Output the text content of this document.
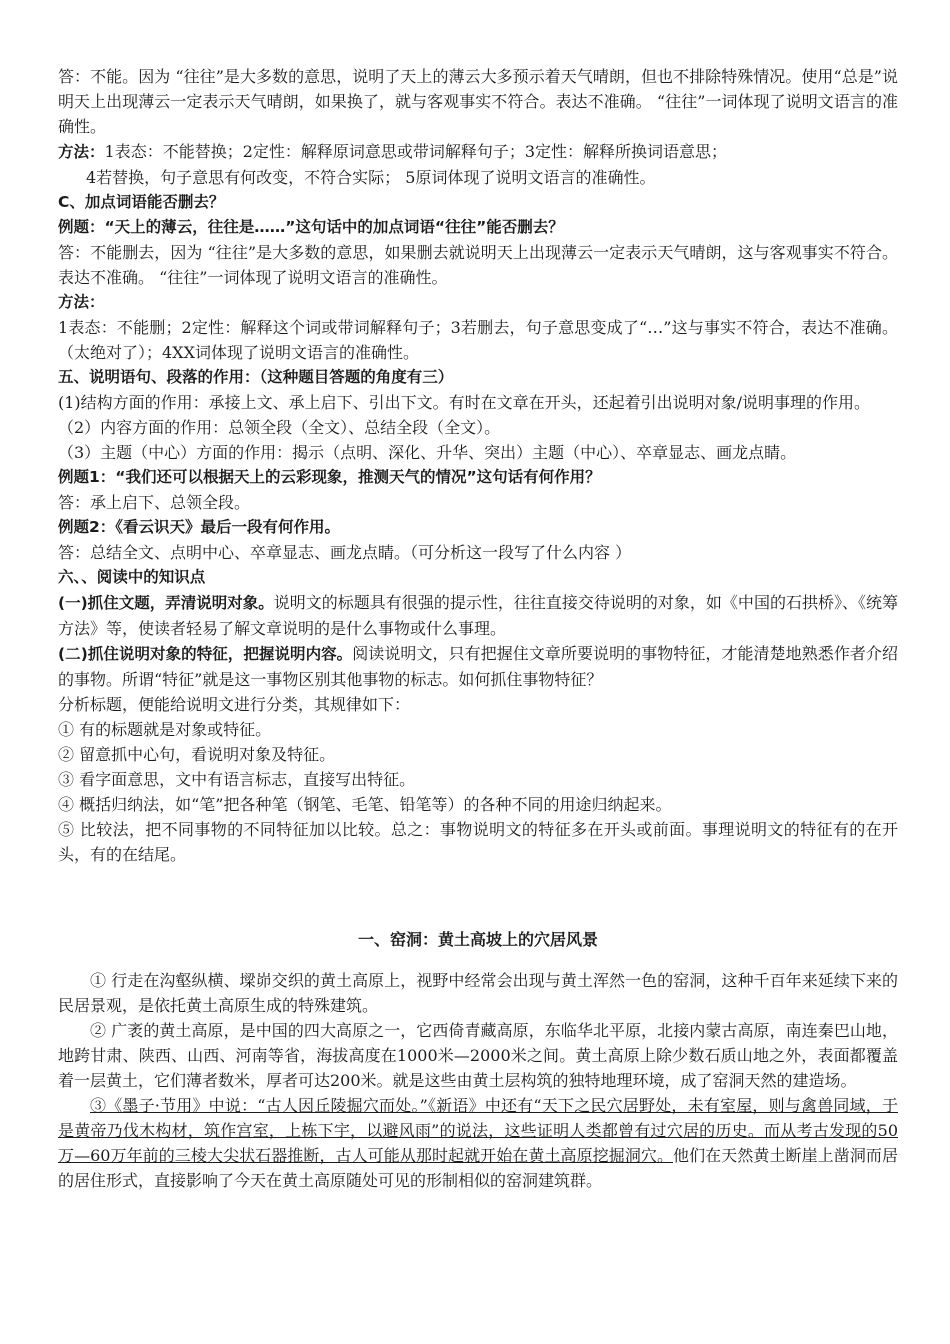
答：不能。因为 “往往”是大多数的意思，说明了天上的薄云大多预示着天气晴朗，但也不排除特殊情况。使用“总是”说明天上出现薄云一定表示天气晴朗，如果换了，就与客观事实不符合。表达不准确。 “往往”一词体现了说明文语言的准确性。

方法：1表态：不能替换；2定性：解释原词意思或带词解释句子；3定性：解释所换词语意思；

4若替换，句子意思有何改变，不符合实际； 5原词体现了说明文语言的准确性。

C、加点词语能否删去？

例题：“天上的薄云，往往是……”这句话中的加点词语“往往”能否删去？

答：不能删去，因为 “往往”是大多数的意思，如果删去就说明天上出现薄云一定表示天气晴朗，这与客观事实不符合。表达不准确。 “往往”一词体现了说明文语言的准确性。

方法：

1表态：不能删；2定性：解释这个词或带词解释句子；3若删去，句子意思变成了“…”这与事实不符合，表达不准确。（太绝对了）；4XX词体现了说明文语言的准确性。

五、说明语句、段落的作用：（这种题目答题的角度有三）

(1)结构方面的作用：承接上文、承上启下、引出下文。有时在文章在开头，还起着引出说明对象/说明事理的作用。

（2）内容方面的作用：总领全段（全文）、总结全段（全文）。

（3）主题（中心）方面的作用：揭示（点明、深化、升华、突出）主题（中心）、卒章显志、画龙点睛。

例题1：“我们还可以根据天上的云彩现象，推测天气的情况”这句话有何作用？

答：承上启下、总领全段。

例题2：《看云识天》最后一段有何作用。

答：总结全文、点明中心、卒章显志、画龙点睛。（可分析这一段写了什么内容 ）

六、、阅读中的知识点

(一)抓住文题，弄清说明对象。说明文的标题具有很强的提示性，往往直接交待说明的对象，如《中国的石拱桥》、《统筹方法》等，使读者轻易了解文章说明的是什么事物或什么事理。

(二)抓住说明对象的特征，把握说明内容。阅读说明文，只有把握住文章所要说明的事物特征，才能清楚地熟悉作者介绍的事物。所谓“特征”就是这一事物区别其他事物的标志。如何抓住事物特征？

分析标题，便能给说明文进行分类，其规律如下：

① 有的标题就是对象或特征。

② 留意抓中心句，看说明对象及特征。

③ 看字面意思，文中有语言标志，直接写出特征。

④ 概括归纳法，如“笔”把各种笔（钢笔、毛笔、铅笔等）的各种不同的用途归纳起来。

⑤ 比较法，把不同事物的不同特征加以比较。总之：事物说明文的特征多在开头或前面。事理说明文的特征有的在开头，有的在结尾。

一、窑洞：黄土高坡上的穴居风景

① 行走在沟壑纵横、墚峁交织的黄土高原上，视野中经常会出现与黄土浑然一色的窑洞，这种千百年来延续下来的民居景观，是依托黄土高原生成的特殊建筑。

② 广袤的黄土高原，是中国的四大高原之一，它西倚青藏高原，东临华北平原，北接内蒙古高原，南连秦巴山地，地跨甘肃、陕西、山西、河南等省，海拔高度在1000米—2000米之间。黄土高原上除少数石质山地之外，表面都覆盖着一层黄土，它们薄者数米，厚者可达200米。就是这些由黄土层构筑的独特地理环境，成了窑洞天然的建造场。

③《墨子·节用》中说：“古人因丘陵掘穴而处。”《新语》中还有“天下之民穴居野处，未有室屋，则与禽兽同域，于是黄帝乃伐木构材，筑作宫室，上栋下宇，以避风雨”的说法，这些证明人类都曾有过穴居的历史。而从考古发现的50万—60万年前的三棱大尖状石器推断，古人可能从那时起就开始在黄土高原挖掘洞穴。他们在天然黄土断崖上凿洞而居的居住形式，直接影响了今天在黄土高原随处可见的形制相似的窑洞建筑群。
